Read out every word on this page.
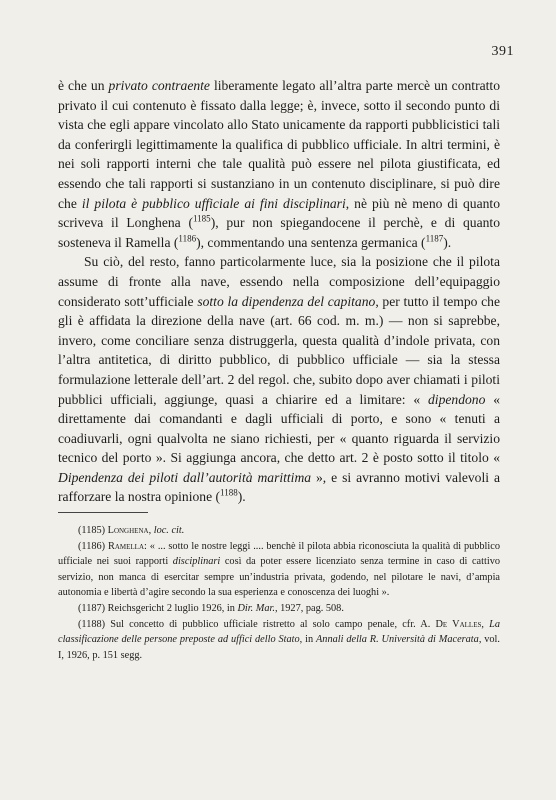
391

è che un privato contraente liberamente legato all’altra parte mercè un contratto privato il cui contenuto è fissato dalla legge; è, invece, sotto il secondo punto di vista che egli appare vincolato allo Stato unicamente da rapporti pubblicistici tali da conferirgli legittimamente la qualifica di pubblico ufficiale. In altri termini, è nei soli rapporti interni che tale qualità può essere nel pilota giustificata, ed essendo che tali rapporti si sustanziano in un contenuto disciplinare, si può dire che il pilota è pubblico ufficiale ai fini disciplinari, nè più nè meno di quanto scriveva il Longhena ($^{1185}$), pur non spiegandocene il perchè, e di quanto sosteneva il Ramella ($^{1186}$), commentando una sentenza germanica ($^{1187}$).

Su ciò, del resto, fanno particolarmente luce, sia la posizione che il pilota assume di fronte alla nave, essendo nella composizione dell’equipaggio considerato sott’ufficiale sotto la dipendenza del capitano, per tutto il tempo che gli è affidata la direzione della nave (art. 66 cod. m. m.) — non si saprebbe, invero, come conciliare senza distruggerla, questa qualità d’indole privata, con l’altra antitetica, di diritto pubblico, di pubblico ufficiale — sia la stessa formulazione letterale dell’art. 2 del regol. che, subito dopo aver chiamati i piloti pubblici ufficiali, aggiunge, quasi a chiarire ed a limitare: « dipendono « direttamente dai comandanti e dagli ufficiali di porto, e sono « tenuti a coadiuvarli, ogni qualvolta ne siano richiesti, per « quanto riguarda il servizio tecnico del porto ». Si aggiunga ancora, che detto art. 2 è posto sotto il titolo « Dipendenza dei piloti dall’autorità marittima », e si avranno motivi valevoli a rafforzare la nostra opinione ($^{1188}$).

(1185) Longhena, loc. cit.

(1186) Ramella: « ... sotto le nostre leggi .... benchè il pilota abbia riconosciuta la qualità di pubblico ufficiale nei suoi rapporti disciplinari così da poter essere licenziato senza termine in caso di cattivo servizio, non manca di esercitar sempre un’industria privata, godendo, nel pilotare le navi, d’ampia autonomia e libertà d’agire secondo la sua esperienza e conoscenza dei luoghi ».

(1187) Reichsgericht 2 luglio 1926, in Dir. Mar., 1927, pag. 508.

(1188) Sul concetto di pubblico ufficiale ristretto al solo campo penale, cfr. A. De Valles, La classificazione delle persone preposte ad uffici dello Stato, in Annali della R. Università di Macerata, vol. I, 1926, p. 151 segg.
